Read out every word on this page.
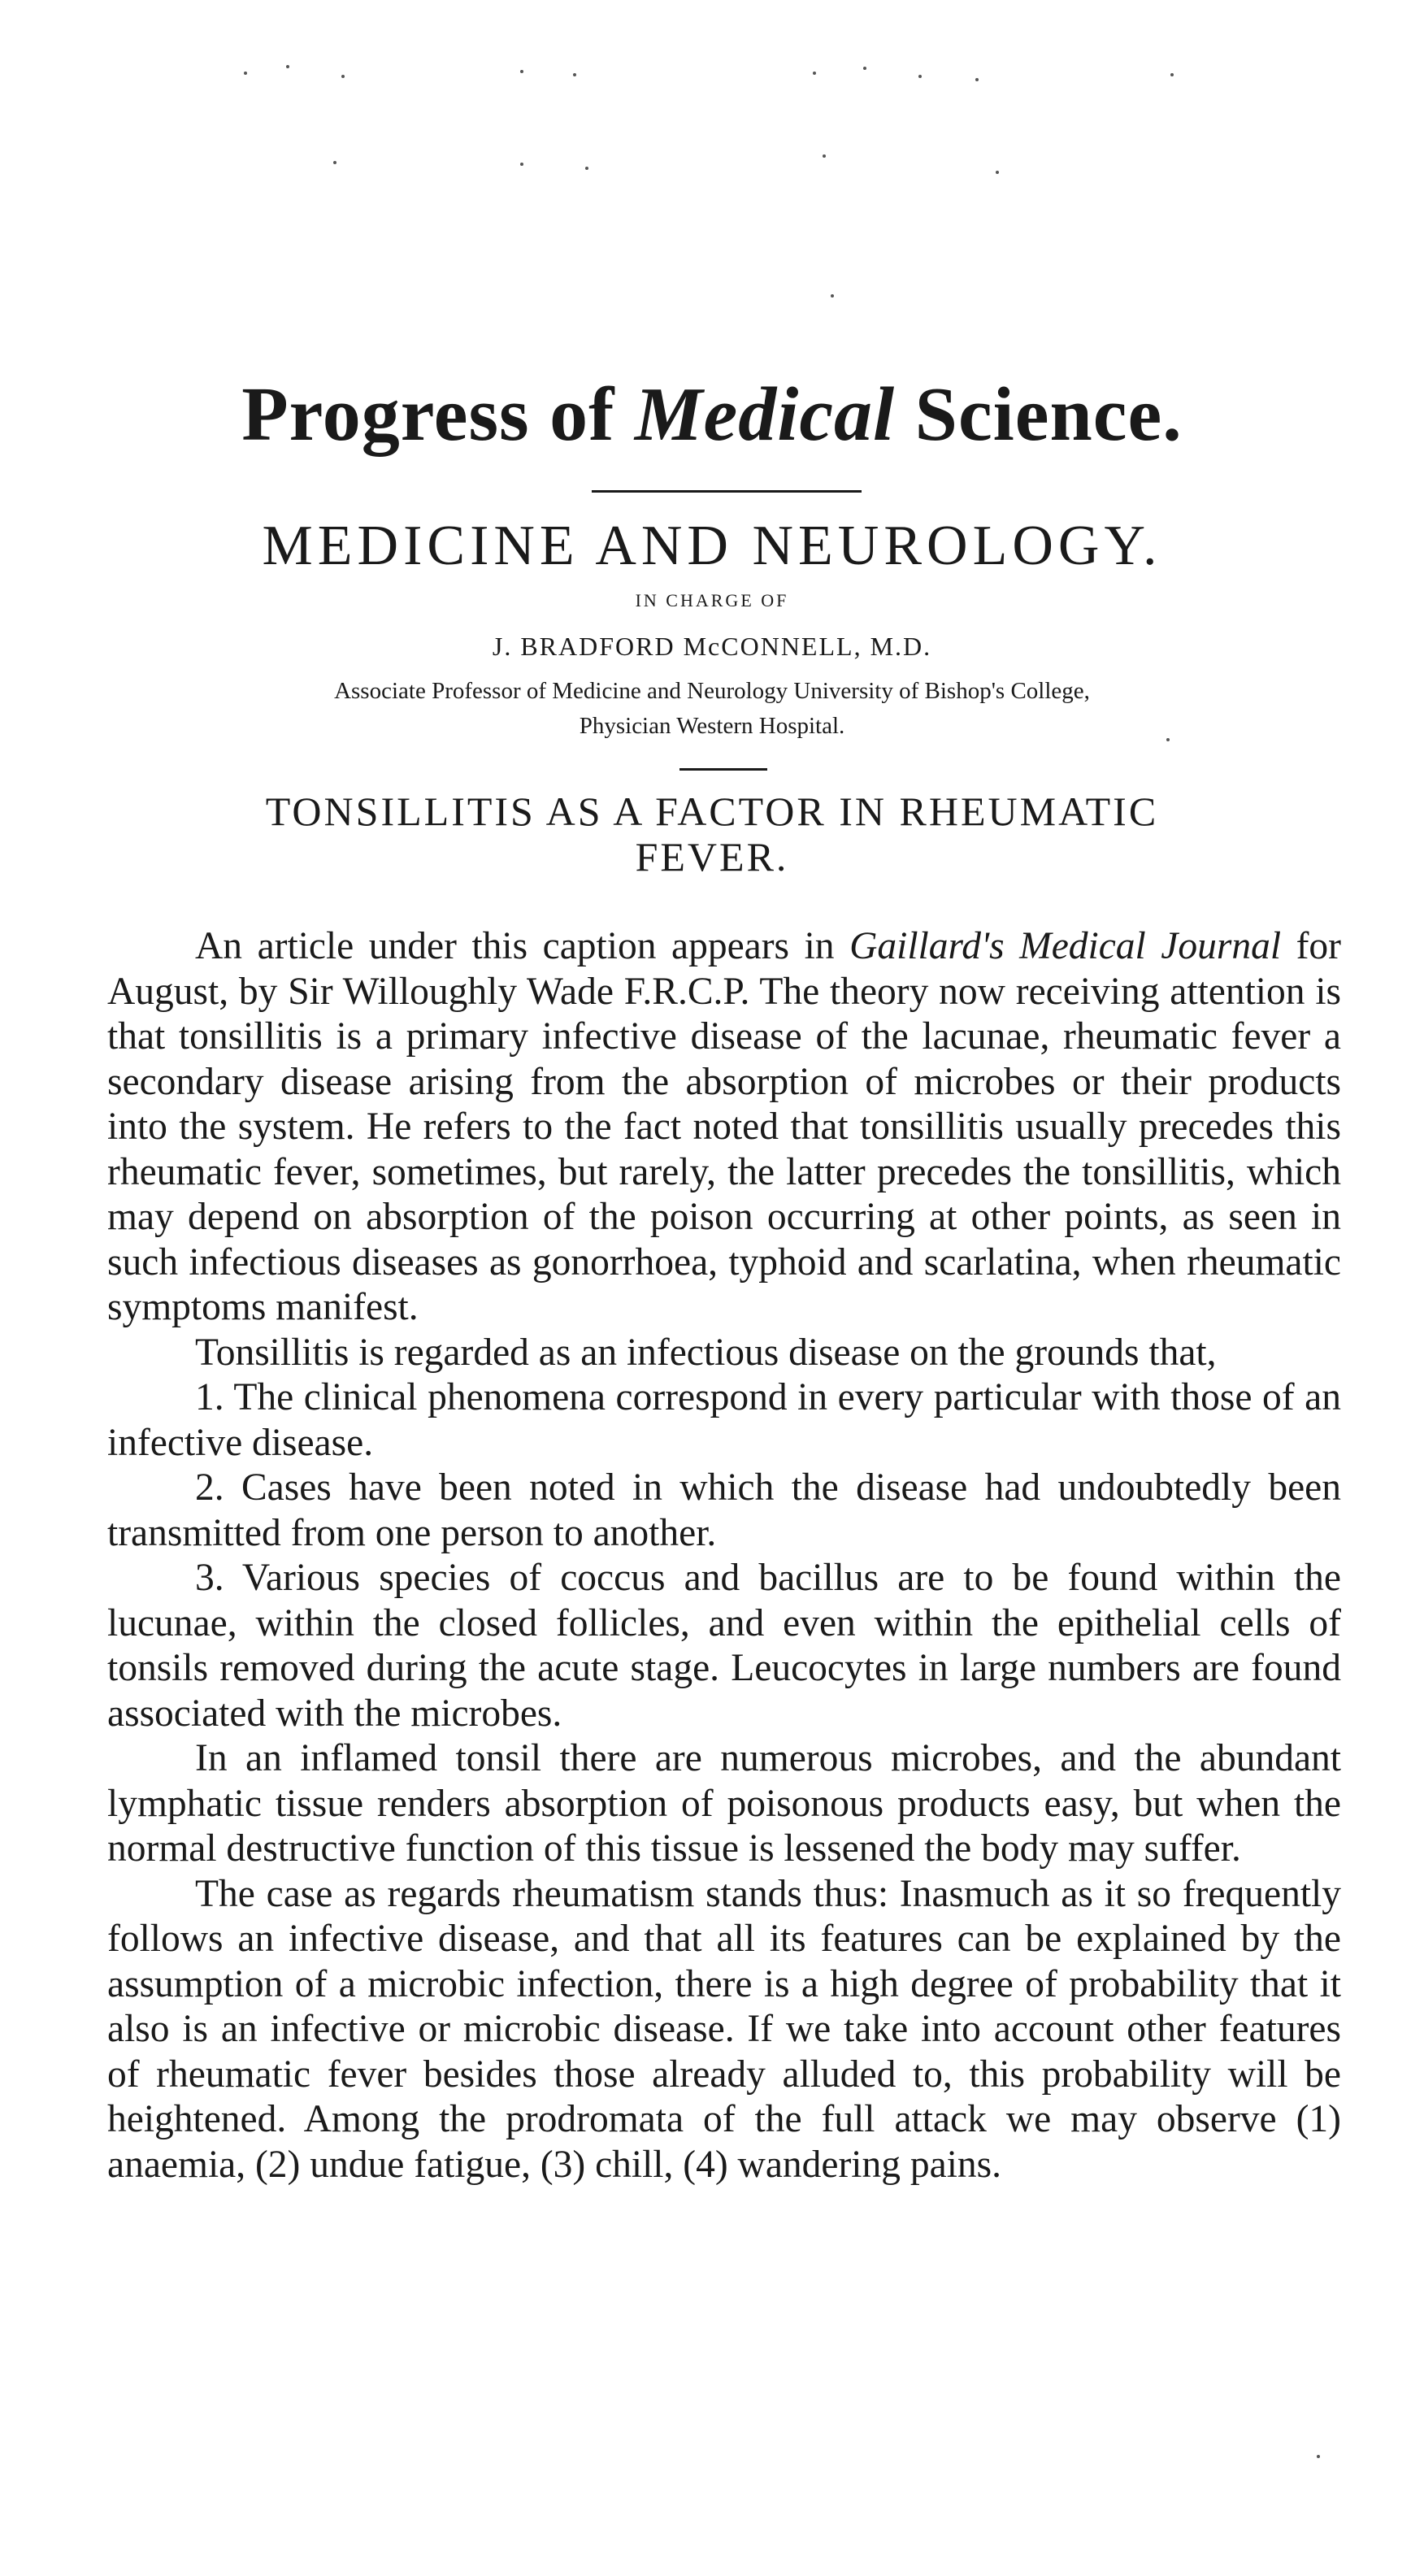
Progress of Medical Science.
MEDICINE AND NEUROLOGY.
IN CHARGE OF
J. BRADFORD McCONNELL, M.D.
Associate Professor of Medicine and Neurology University of Bishop's College,
Physician Western Hospital.
TONSILLITIS AS A FACTOR IN RHEUMATIC
FEVER.

An article under this caption appears in Gaillard's Medical Journal for August, by Sir Willoughly Wade F.R.C.P. The theory now receiving attention is that tonsillitis is a primary infective disease of the lacunae, rheumatic fever a secondary disease arising from the absorption of microbes or their products into the system. He refers to the fact noted that tonsillitis usually precedes this rheumatic fever, sometimes, but rarely, the latter precedes the tonsillitis, which may depend on absorption of the poison occurring at other points, as seen in such infectious diseases as gonorrhoea, typhoid and scarlatina, when rheumatic symptoms manifest.

Tonsillitis is regarded as an infectious disease on the grounds that,

1. The clinical phenomena correspond in every particular with those of an infective disease.

2. Cases have been noted in which the disease had undoubtedly been transmitted from one person to another.

3. Various species of coccus and bacillus are to be found within the lucunae, within the closed follicles, and even within the epithelial cells of tonsils removed during the acute stage. Leucocytes in large numbers are found associated with the microbes.

In an inflamed tonsil there are numerous microbes, and the abundant lymphatic tissue renders absorption of poisonous products easy, but when the normal destructive function of this tissue is lessened the body may suffer.

The case as regards rheumatism stands thus: Inasmuch as it so frequently follows an infective disease, and that all its features can be explained by the assumption of a microbic infection, there is a high degree of probability that it also is an infective or microbic disease. If we take into account other features of rheumatic fever besides those already alluded to, this probability will be heightened. Among the prodromata of the full attack we may observe (1) anaemia, (2) undue fatigue, (3) chill, (4) wandering pains.
